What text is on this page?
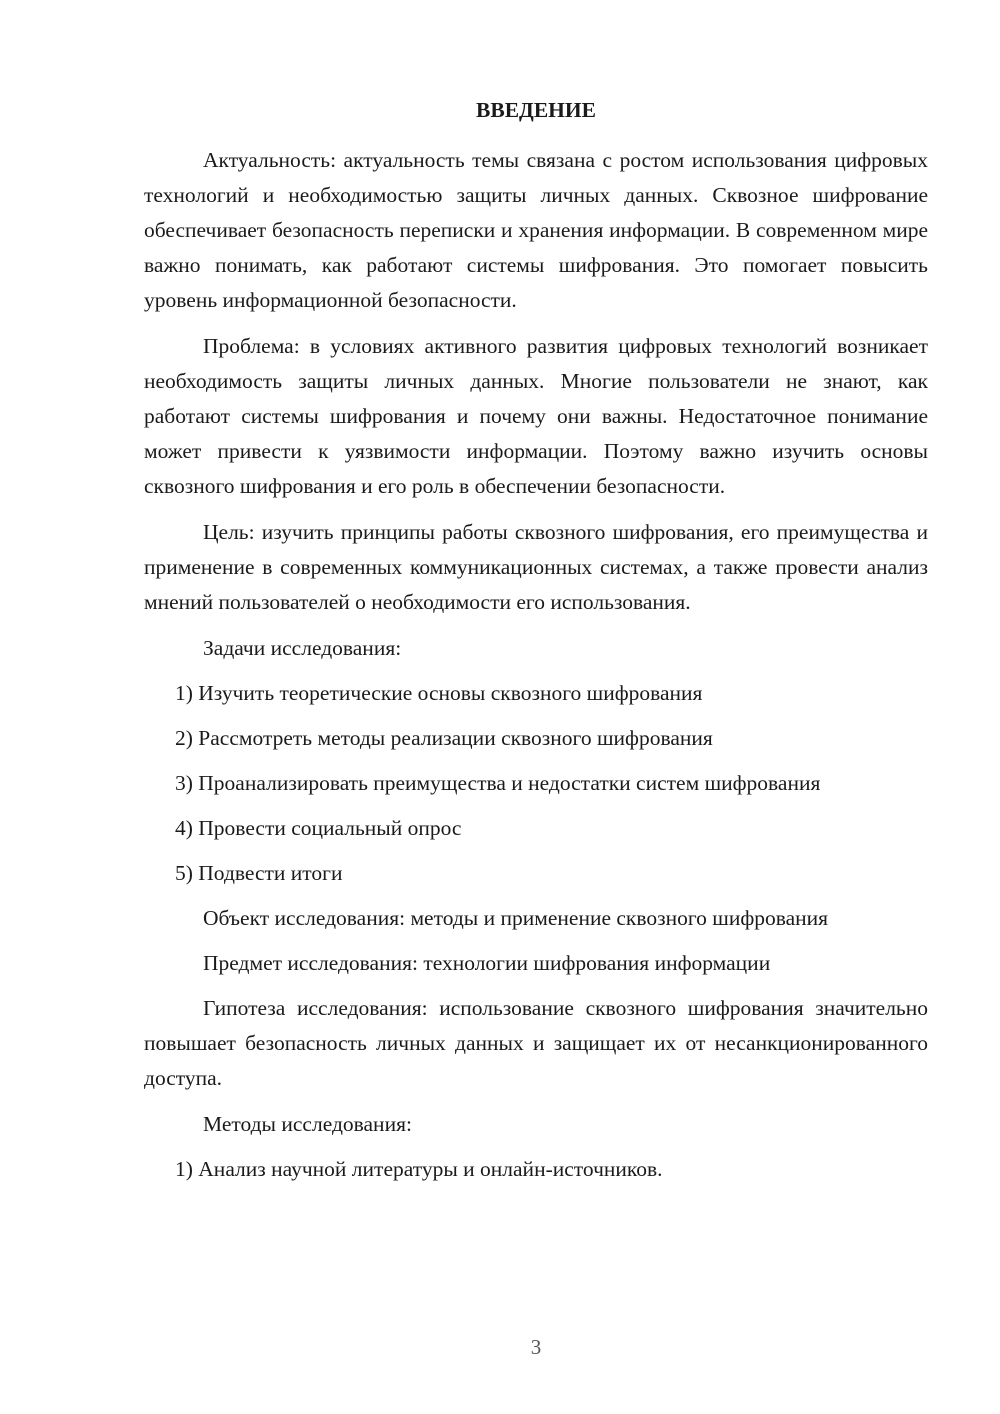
ВВЕДЕНИЕ
Актуальность: актуальность темы связана с ростом использования цифровых технологий и необходимостью защиты личных данных. Сквозное шифрование обеспечивает безопасность переписки и хранения информации. В современном мире важно понимать, как работают системы шифрования. Это помогает повысить уровень информационной безопасности.
Проблема: в условиях активного развития цифровых технологий возникает необходимость защиты личных данных. Многие пользователи не знают, как работают системы шифрования и почему они важны. Недостаточное понимание может привести к уязвимости информации. Поэтому важно изучить основы сквозного шифрования и его роль в обеспечении безопасности.
Цель: изучить принципы работы сквозного шифрования, его преимущества и применение в современных коммуникационных системах, а также провести анализ мнений пользователей о необходимости его использования.
Задачи исследования:
1) Изучить теоретические основы сквозного шифрования
2) Рассмотреть методы реализации сквозного шифрования
3) Проанализировать преимущества и недостатки систем шифрования
4) Провести социальный опрос
5) Подвести итоги
Объект исследования: методы и применение сквозного шифрования
Предмет исследования: технологии шифрования информации
Гипотеза исследования: использование сквозного шифрования значительно повышает безопасность личных данных и защищает их от несанкционированного доступа.
Методы исследования:
1) Анализ научной литературы и онлайн-источников.
3
